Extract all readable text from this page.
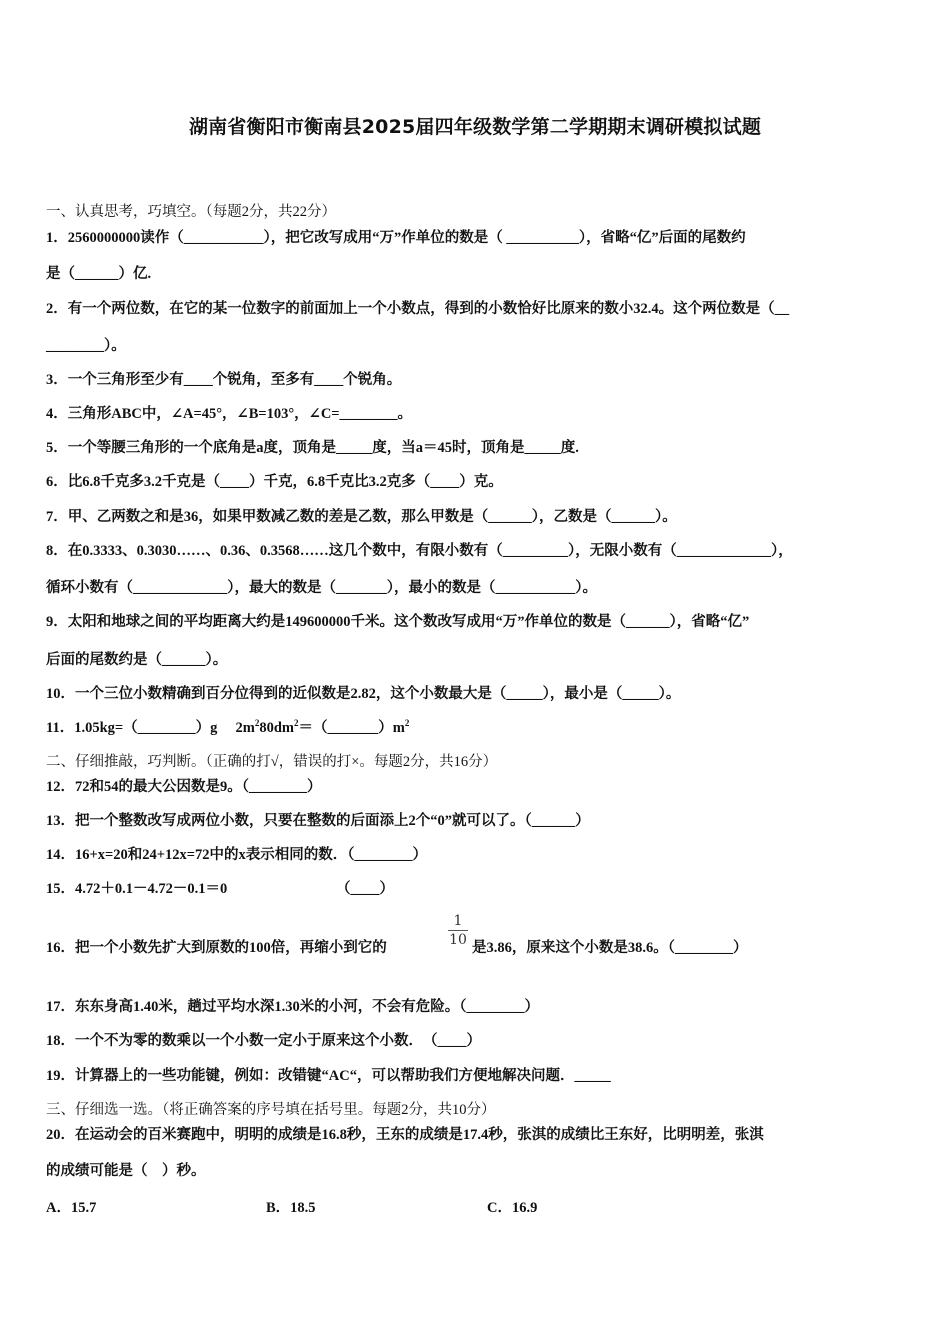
湖南省衡阳市衡南县2025届四年级数学第二学期期末调研模拟试题
一、认真思考，巧填空。（每题2分，共22分）
1．2560000000读作（___________），把它改写成用“万”作单位的数是（ __________），省略“亿”后面的尾数约
是（______）亿.
2．有一个两位数，在它的某一位数字的前面加上一个小数点，得到的小数恰好比原来的数小32.4。这个两位数是（__
________）。
3．一个三角形至少有____个锐角，至多有____个锐角。
4．三角形ABC中，∠A=45°，∠B=103°，∠C=________。
5．一个等腰三角形的一个底角是a度，顶角是_____度，当a＝45时，顶角是_____度.
6．比6.8千克多3.2千克是（____）千克，6.8千克比3.2克多（____）克。
7．甲、乙两数之和是36，如果甲数减乙数的差是乙数，那么甲数是（______），乙数是（______）。
8．在0.3333、0.3030……、0.36、0.3568……这几个数中，有限小数有（_________），无限小数有（_____________），
循环小数有（_____________），最大的数是（_______），最小的数是（___________）。
9．太阳和地球之间的平均距离大约是149600000千米。这个数改写成用“万”作单位的数是（______），省略“亿”
后面的尾数约是（______）。
10．一个三位小数精确到百分位得到的近似数是2.82，这个小数最大是（_____），最小是（_____）。
11．1.05kg=（________）g　 $2m^280dm^2=(\_\_\_\_\_\_\_)m^2$
二、仔细推敲，巧判断。（正确的打√，错误的打×。每题2分，共16分）
12．72和54的最大公因数是9。（________）
13．把一个整数改写成两位小数，只要在整数的后面添上2个“0”就可以了。（______）
14．16+x=20和24+12x=72中的x表示相同的数．（________）
15．4.72＋0.1－4.72－0.1＝0　　　　　　　　（____）
16．把一个小数先扩大到原数的100倍，再缩小到它的
1
10 是3.86，原来这个小数是38.6。（________）
17．东东身高1.40米，趟过平均水深1.30米的小河，不会有危险。（________）
18．一个不为零的数乘以一个小数一定小于原来这个小数．　（____）
19．计算器上的一些功能键，例如：改错键“AC“，可以帮助我们方便地解决问题．_____
三、仔细选一选。（将正确答案的序号填在括号里。每题2分，共10分）
20．在运动会的百米赛跑中，明明的成绩是16.8秒，王东的成绩是17.4秒，张淇的成绩比王东好，比明明差，张淇
的成绩可能是（　）秒。
A．15.7	B．18.5	C．16.9
